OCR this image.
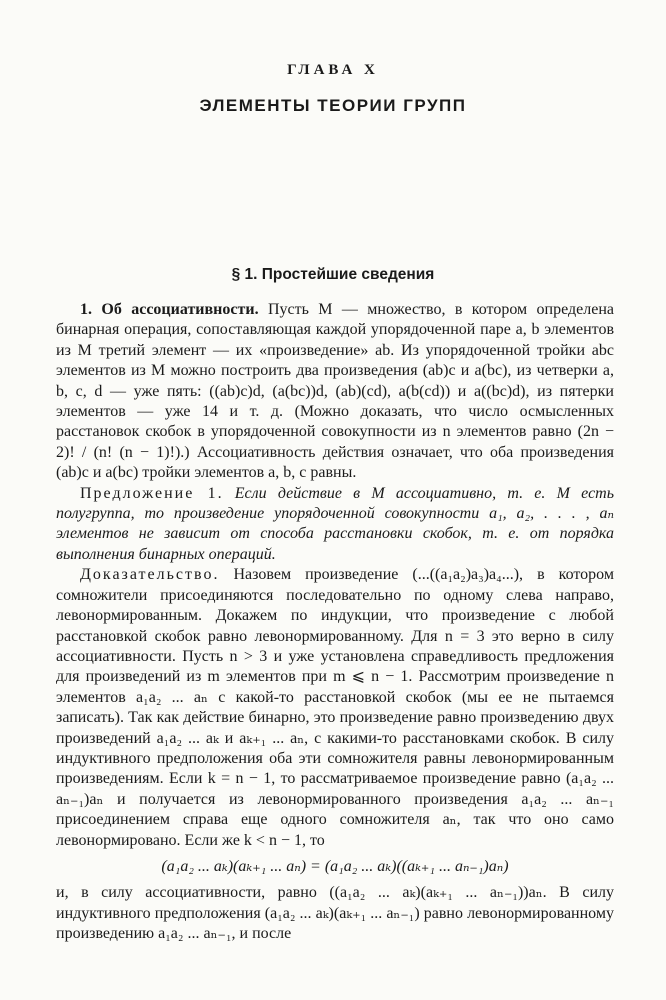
ГЛАВА X
ЭЛЕМЕНТЫ ТЕОРИИ ГРУПП
§ 1. Простейшие сведения

1. Об ассоциативности. Пусть M — множество, в котором определена бинарная операция, сопоставляющая каждой упорядоченной паре a, b элементов из M третий элемент — их «произведение» ab. Из упорядоченной тройки abc элементов из M можно построить два произведения (ab)c и a(bc), из четверки a, b, c, d — уже пять: ((ab)c)d, (a(bc))d, (ab)(cd), a(b(cd)) и a((bc)d), из пятерки элементов — уже 14 и т. д. (Можно доказать, что число осмысленных расстановок скобок в упорядоченной совокупности из n элементов равно (2n − 2)! / (n! (n − 1)!).) Ассоциативность действия означает, что оба произведения (ab)c и a(bc) тройки элементов a, b, c равны.

Предложение 1. Если действие в M ассоциативно, т. е. M есть полугруппа, то произведение упорядоченной совокупности a₁, a₂, . . . , aₙ элементов не зависит от способа расстановки скобок, т. е. от порядка выполнения бинарных операций.

Доказательство. Назовем произведение (...((a₁a₂)a₃)a₄...), в котором сомножители присоединяются последовательно по одному слева направо, левонормированным. Докажем по индукции, что произведение с любой расстановкой скобок равно левонормированному. Для n = 3 это верно в силу ассоциативности. Пусть n > 3 и уже установлена справедливость предложения для произведений из m элементов при m ⩽ n − 1. Рассмотрим произведение n элементов a₁a₂ ... aₙ с какой-то расстановкой скобок (мы ее не пытаемся записать). Так как действие бинарно, это произведение равно произведению двух произведений a₁a₂ ... aₖ и aₖ₊₁ ... aₙ, с какими-то расстановками скобок. В силу индуктивного предположения оба эти сомножителя равны левонормированным произведениям. Если k = n − 1, то рассматриваемое произведение равно (a₁a₂ ... aₙ₋₁)aₙ и получается из левонормированного произведения a₁a₂ ... aₙ₋₁ присоединением справа еще одного сомножителя aₙ, так что оно само левонормировано. Если же k < n − 1, то

(a₁a₂ ... aₖ)(aₖ₊₁ ... aₙ) = (a₁a₂ ... aₖ)((aₖ₊₁ ... aₙ₋₁)aₙ)

и, в силу ассоциативности, равно ((a₁a₂ ... aₖ)(aₖ₊₁ ... aₙ₋₁))aₙ. В силу индуктивного предположения (a₁a₂ ... aₖ)(aₖ₊₁ ... aₙ₋₁) равно левонормированному произведению a₁a₂ ... aₙ₋₁, и после
